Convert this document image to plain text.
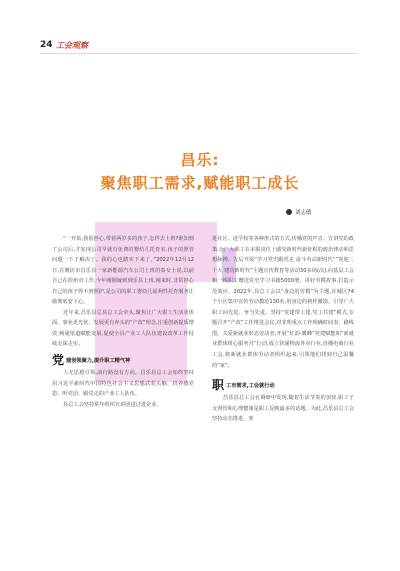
24 工会观察
昌乐:
聚焦职工需求,赋能职工成长
刘志敏

“一开始,我很担心,带着两岁多的孩子,怎样去上班?谁知到了公司后,才发现公司早就有免费的婴幼儿托育室,孩子的照管问题一下子解决了。我的心也踏实下来了。”2022年12月12日,在潍坊市昌乐县一家新能源汽车公司上班的秦女士说,以前自己在滨州市工作,今年刚刚嫁到到乐县上班,刚来时,非常担心自己的孩子得不到照护,是公司的职工婴幼儿福利性托育服务让她彻底安下心。

近年来,昌乐县总县总工会牵头,聚焦让广大职工生活更体面、事业更光优、发展更有奔头的“产改”理念,注重创新提质增效,畅通渠道赋能发展,促使全县产业工人队伍建设改革工作持续走深走实。

党 建创领聚力,提升职工精气神

人无思想引领,前行路没有方向。昌乐县总工会始终坚持用习近平新时代中国特色社会主义思想武装头脑、培养感党恩、听党话、跟党走的产业工人队伍。

县总工会坚持常年组织宣讲团进过进企业、

进社区、进学校等各种形式的方式,传播党的声音、宣讲党的政策,让广大职工在本职岗位上感受新时代新征程的政治律动和思想脉搏。先后开展“学习党史跟党走 奋斗劳动新时代”“喜迎二十大 建功新时代”主题宣传教育等活动30多场(次),向基层工会和一线职工赠送党史学习书籍5000册。讲好劳模故事,打造示范效应。2022年,县总工会以“身边的劳模”为主题,在城区74个小区集中宣传劳动模范130名,用身边的榜样激励、引导广大职工向先进、争当先进。坚持“党建带工建,党工共建”模式,专题召开“产改”工作推进会议,对非理重点工作明确时间表、路线图。关爱新就业形态劳动者,开展“红韵·暖蜂”党建赋能和“新就业群体组心服务月”行动,成立快递物流外卖行业,直播电商行业工会,将新就业群体劳动者组织起来,引领他们找到自己温馨的“家”。

职 工有需求,工会就行动

昌乐县总工会在调研中发现,随着生活节奏的加快,职工子女照管和心理健康是职工反映最多的话题。为此,昌乐县总工会坚持动态推进、寒
